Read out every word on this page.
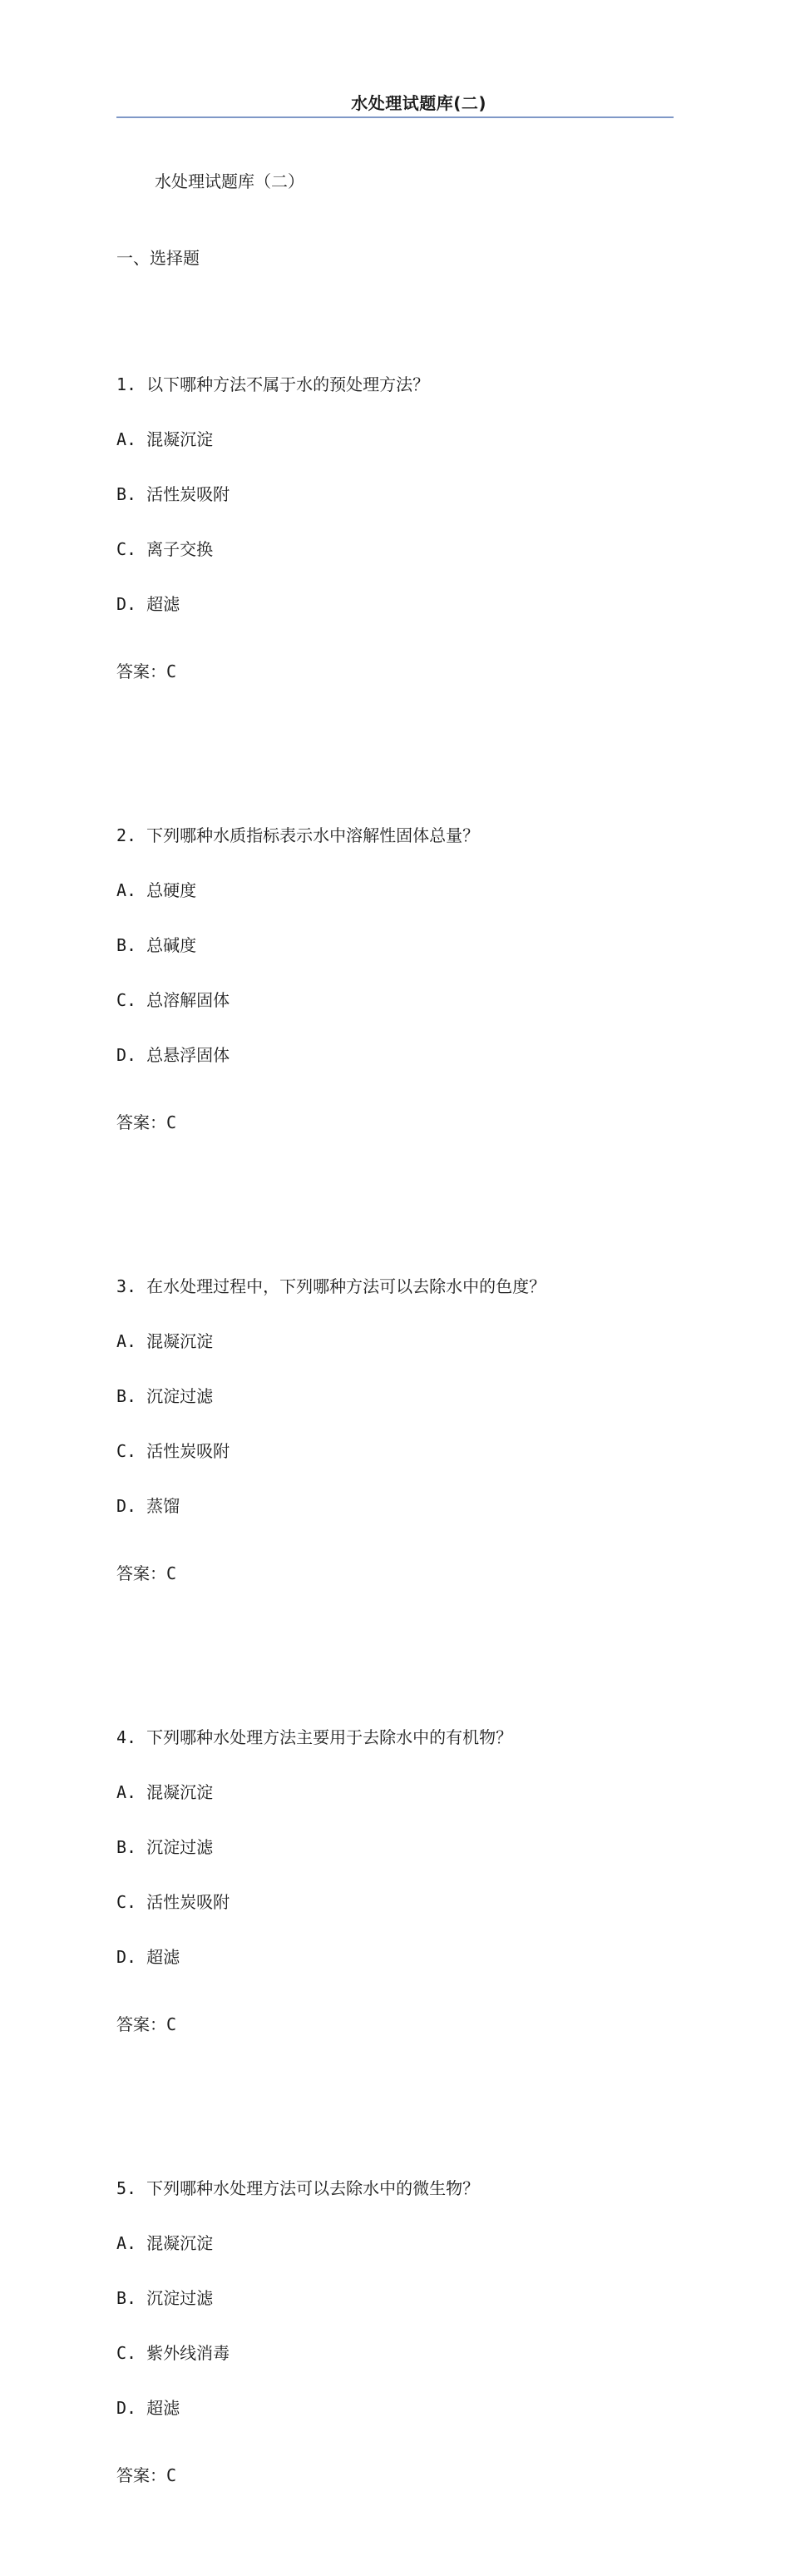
水处理试题库(二)

水处理试题库（二）

一、选择题

1. 以下哪种方法不属于水的预处理方法？

A. 混凝沉淀

B. 活性炭吸附

C. 离子交换

D. 超滤

答案：C

2. 下列哪种水质指标表示水中溶解性固体总量？

A. 总硬度

B. 总碱度

C. 总溶解固体

D. 总悬浮固体

答案：C

3. 在水处理过程中，下列哪种方法可以去除水中的色度？

A. 混凝沉淀

B. 沉淀过滤

C. 活性炭吸附

D. 蒸馏

答案：C

4. 下列哪种水处理方法主要用于去除水中的有机物？

A. 混凝沉淀

B. 沉淀过滤

C. 活性炭吸附

D. 超滤

答案：C

5. 下列哪种水处理方法可以去除水中的微生物？

A. 混凝沉淀

B. 沉淀过滤

C. 紫外线消毒

D. 超滤

答案：C
